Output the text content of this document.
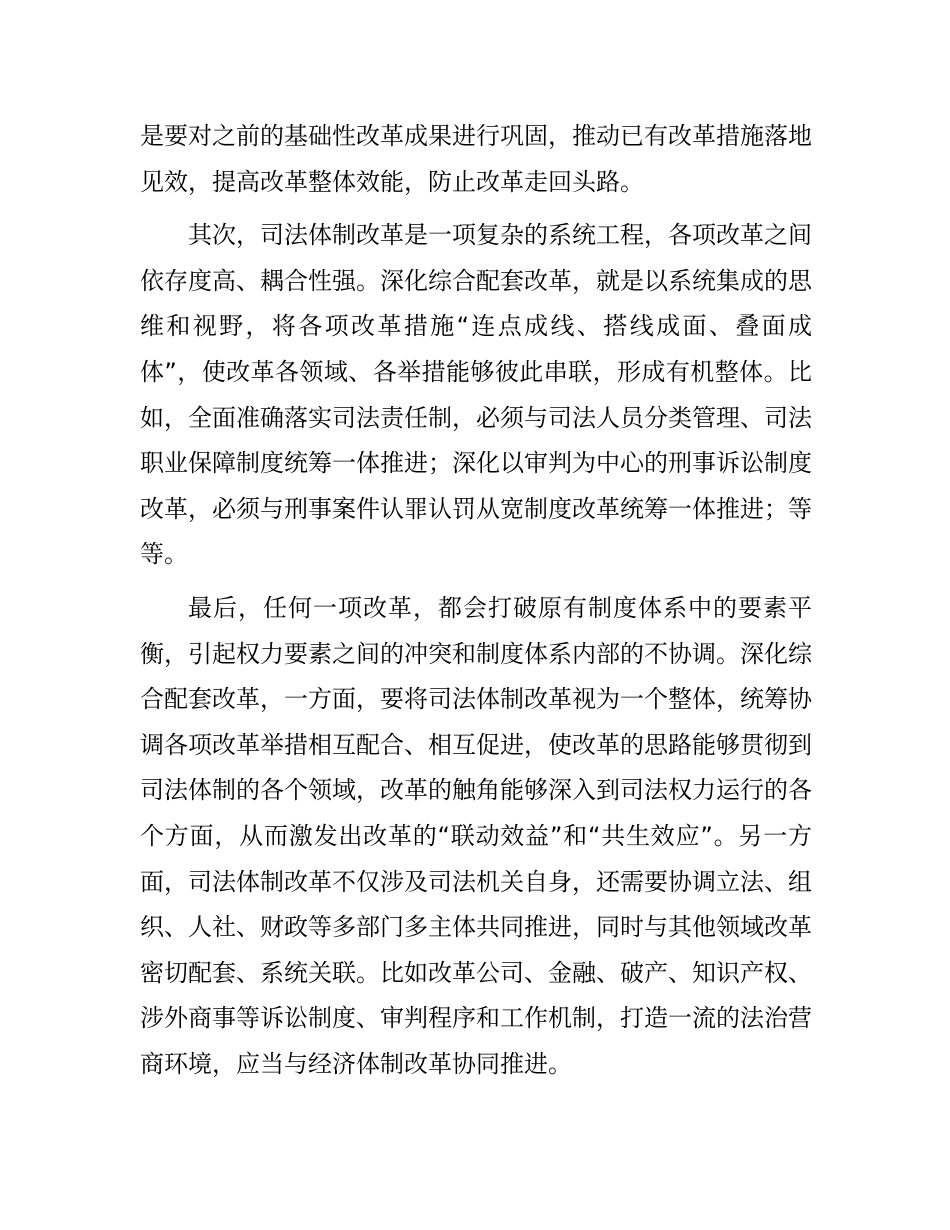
是要对之前的基础性改革成果进行巩固，推动已有改革措施落地见效，提高改革整体效能，防止改革走回头路。

其次，司法体制改革是一项复杂的系统工程，各项改革之间依存度高、耦合性强。深化综合配套改革，就是以系统集成的思维和视野，将各项改革措施“连点成线、搭线成面、叠面成体”，使改革各领域、各举措能够彼此串联，形成有机整体。比如，全面准确落实司法责任制，必须与司法人员分类管理、司法职业保障制度统筹一体推进；深化以审判为中心的刑事诉讼制度改革，必须与刑事案件认罪认罚从宽制度改革统筹一体推进；等等。

最后，任何一项改革，都会打破原有制度体系中的要素平衡，引起权力要素之间的冲突和制度体系内部的不协调。深化综合配套改革，一方面，要将司法体制改革视为一个整体，统筹协调各项改革举措相互配合、相互促进，使改革的思路能够贯彻到司法体制的各个领域，改革的触角能够深入到司法权力运行的各个方面，从而激发出改革的“联动效益”和“共生效应”。另一方面，司法体制改革不仅涉及司法机关自身，还需要协调立法、组织、人社、财政等多部门多主体共同推进，同时与其他领域改革密切配套、系统关联。比如改革公司、金融、破产、知识产权、涉外商事等诉讼制度、审判程序和工作机制，打造一流的法治营商环境，应当与经济体制改革协同推进。
